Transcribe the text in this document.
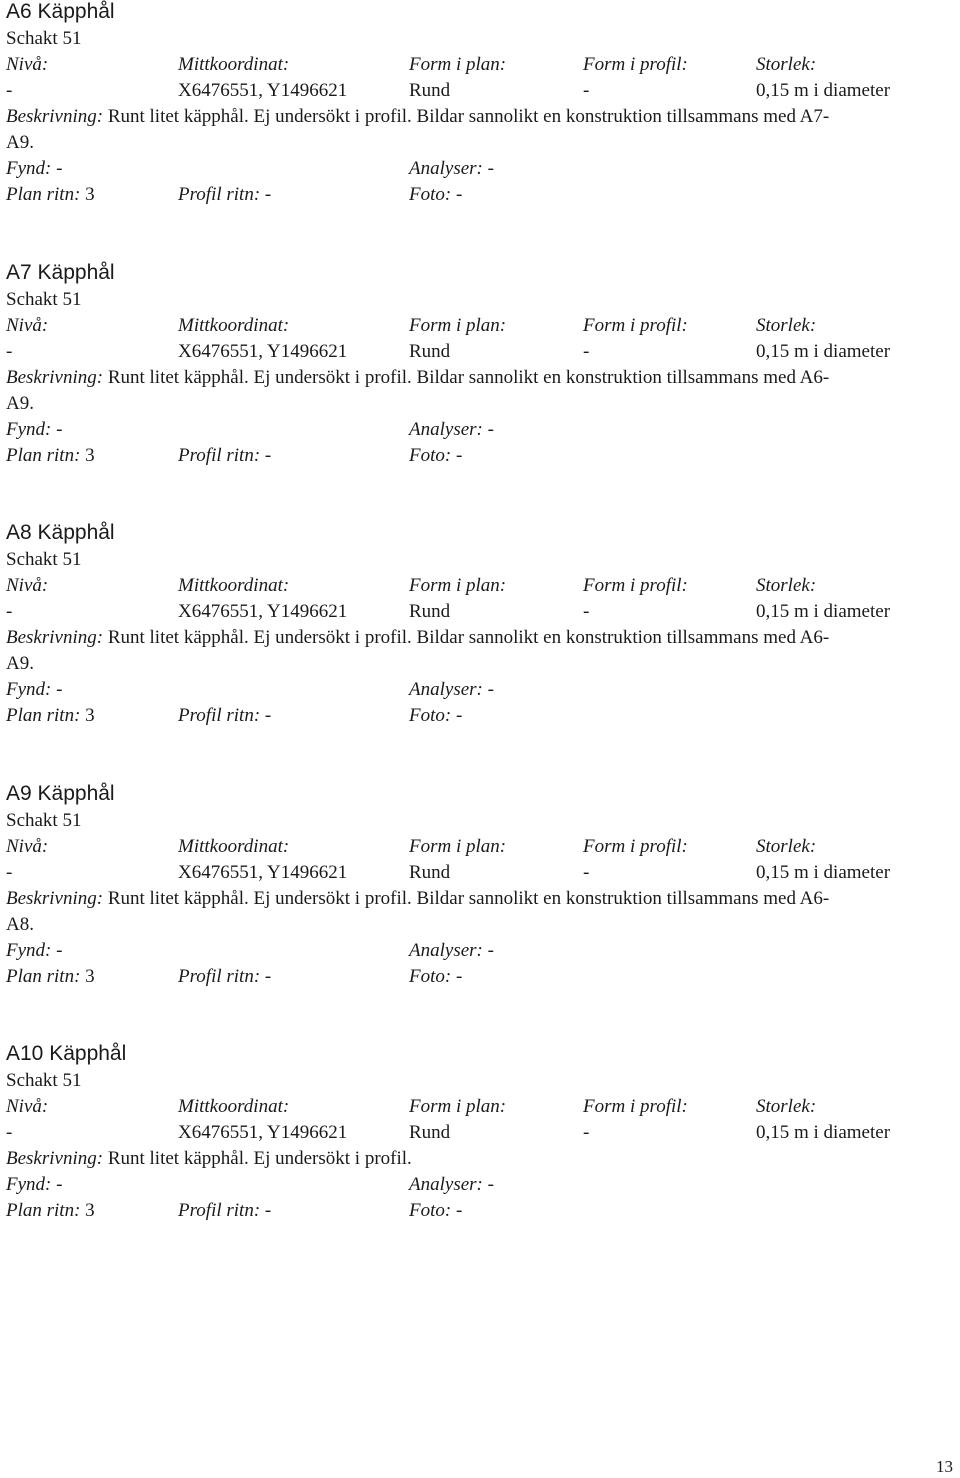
A6 Käpphål
Schakt 51
Nivå:	Mittkoordinat:	Form i plan:	Form i profil:	Storlek:
-	X6476551, Y1496621	Rund	-	0,15 m i diameter
Beskrivning: Runt litet käpphål. Ej undersökt i profil. Bildar sannolikt en konstruktion tillsammans med A7-
A9.
Fynd: -	Analyser: -
Plan ritn: 3	Profil ritn: -	Foto: -
A7 Käpphål
Schakt 51
Nivå:	Mittkoordinat:	Form i plan:	Form i profil:	Storlek:
-	X6476551, Y1496621	Rund	-	0,15 m i diameter
Beskrivning: Runt litet käpphål. Ej undersökt i profil. Bildar sannolikt en konstruktion tillsammans med A6-
A9.
Fynd: -	Analyser: -
Plan ritn: 3	Profil ritn: -	Foto: -
A8 Käpphål
Schakt 51
Nivå:	Mittkoordinat:	Form i plan:	Form i profil:	Storlek:
-	X6476551, Y1496621	Rund	-	0,15 m i diameter
Beskrivning: Runt litet käpphål. Ej undersökt i profil. Bildar sannolikt en konstruktion tillsammans med A6-
A9.
Fynd: -	Analyser: -
Plan ritn: 3	Profil ritn: -	Foto: -
A9 Käpphål
Schakt 51
Nivå:	Mittkoordinat:	Form i plan:	Form i profil:	Storlek:
-	X6476551, Y1496621	Rund	-	0,15 m i diameter
Beskrivning: Runt litet käpphål. Ej undersökt i profil. Bildar sannolikt en konstruktion tillsammans med A6-
A8.
Fynd: -	Analyser: -
Plan ritn: 3	Profil ritn: -	Foto: -
A10 Käpphål
Schakt 51
Nivå:	Mittkoordinat:	Form i plan:	Form i profil:	Storlek:
-	X6476551, Y1496621	Rund	-	0,15 m i diameter
Beskrivning: Runt litet käpphål. Ej undersökt i profil.
Fynd: -	Analyser: -
Plan ritn: 3	Profil ritn: -	Foto: -
13
